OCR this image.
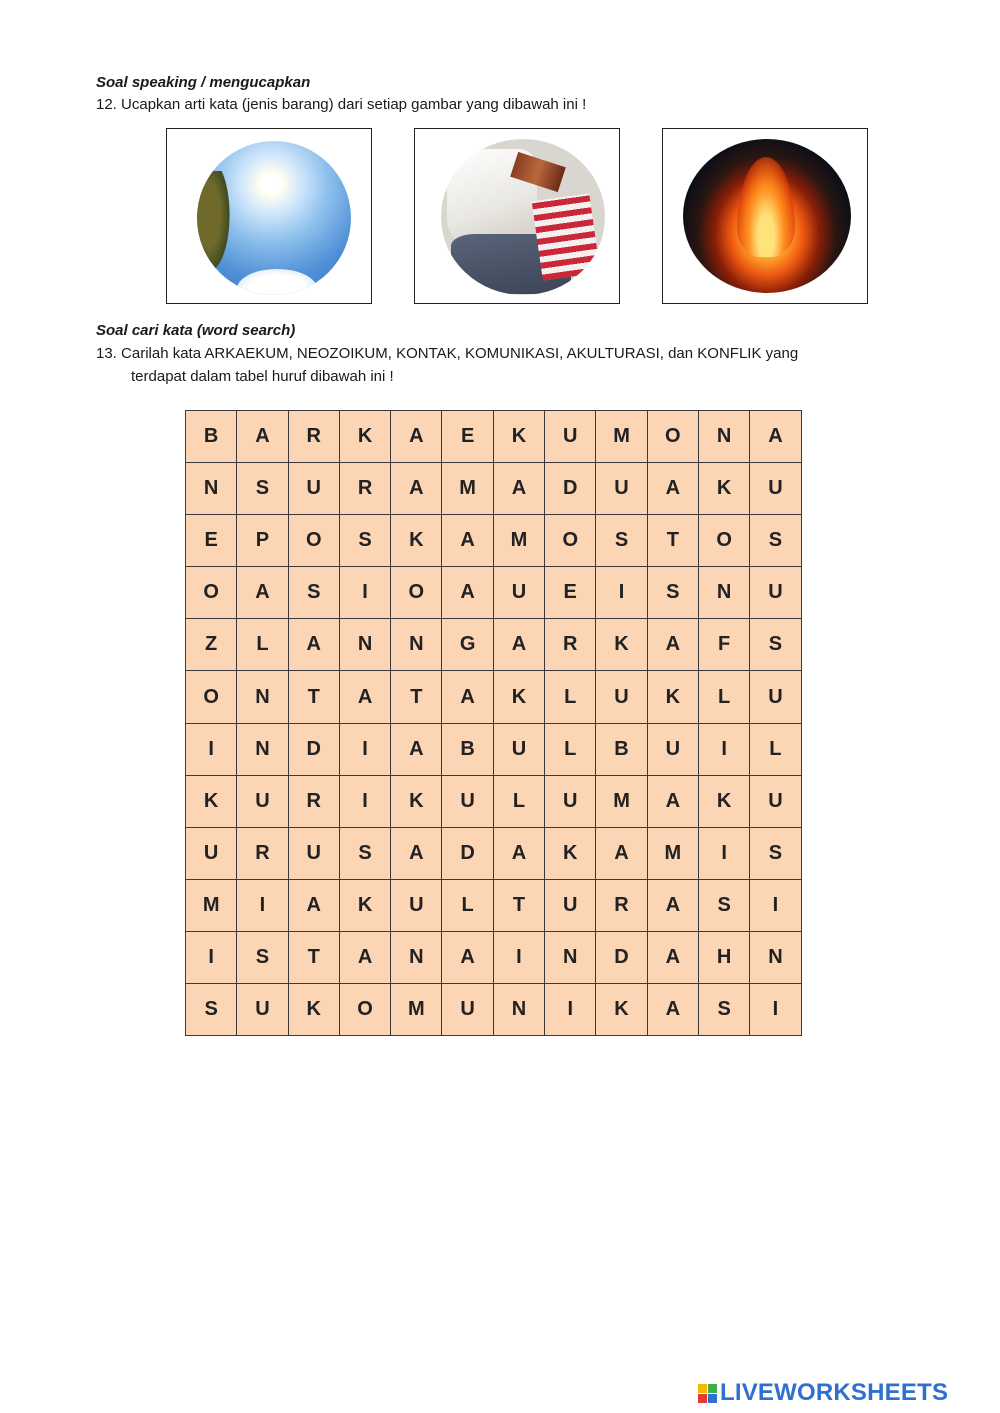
Soal speaking / mengucapkan
12. Ucapkan arti kata (jenis barang) dari setiap gambar yang dibawah ini !
Soal cari kata (word search)
13. Carilah kata ARKAEKUM, NEOZOIKUM, KONTAK, KOMUNIKASI, AKULTURASI, dan KONFLIK yang
terdapat dalam tabel huruf dibawah ini !
B	A	R	K	A	E	K	U	M	O	N	A
N	S	U	R	A	M	A	D	U	A	K	U
E	P	O	S	K	A	M	O	S	T	O	S
O	A	S	I	O	A	U	E	I	S	N	U
Z	L	A	N	N	G	A	R	K	A	F	S
O	N	T	A	T	A	K	L	U	K	L	U
I	N	D	I	A	B	U	L	B	U	I	L
K	U	R	I	K	U	L	U	M	A	K	U
U	R	U	S	A	D	A	K	A	M	I	S
M	I	A	K	U	L	T	U	R	A	S	I
I	S	T	A	N	A	I	N	D	A	H	N
S	U	K	O	M	U	N	I	K	A	S	I
LIVEWORKSHEETS
